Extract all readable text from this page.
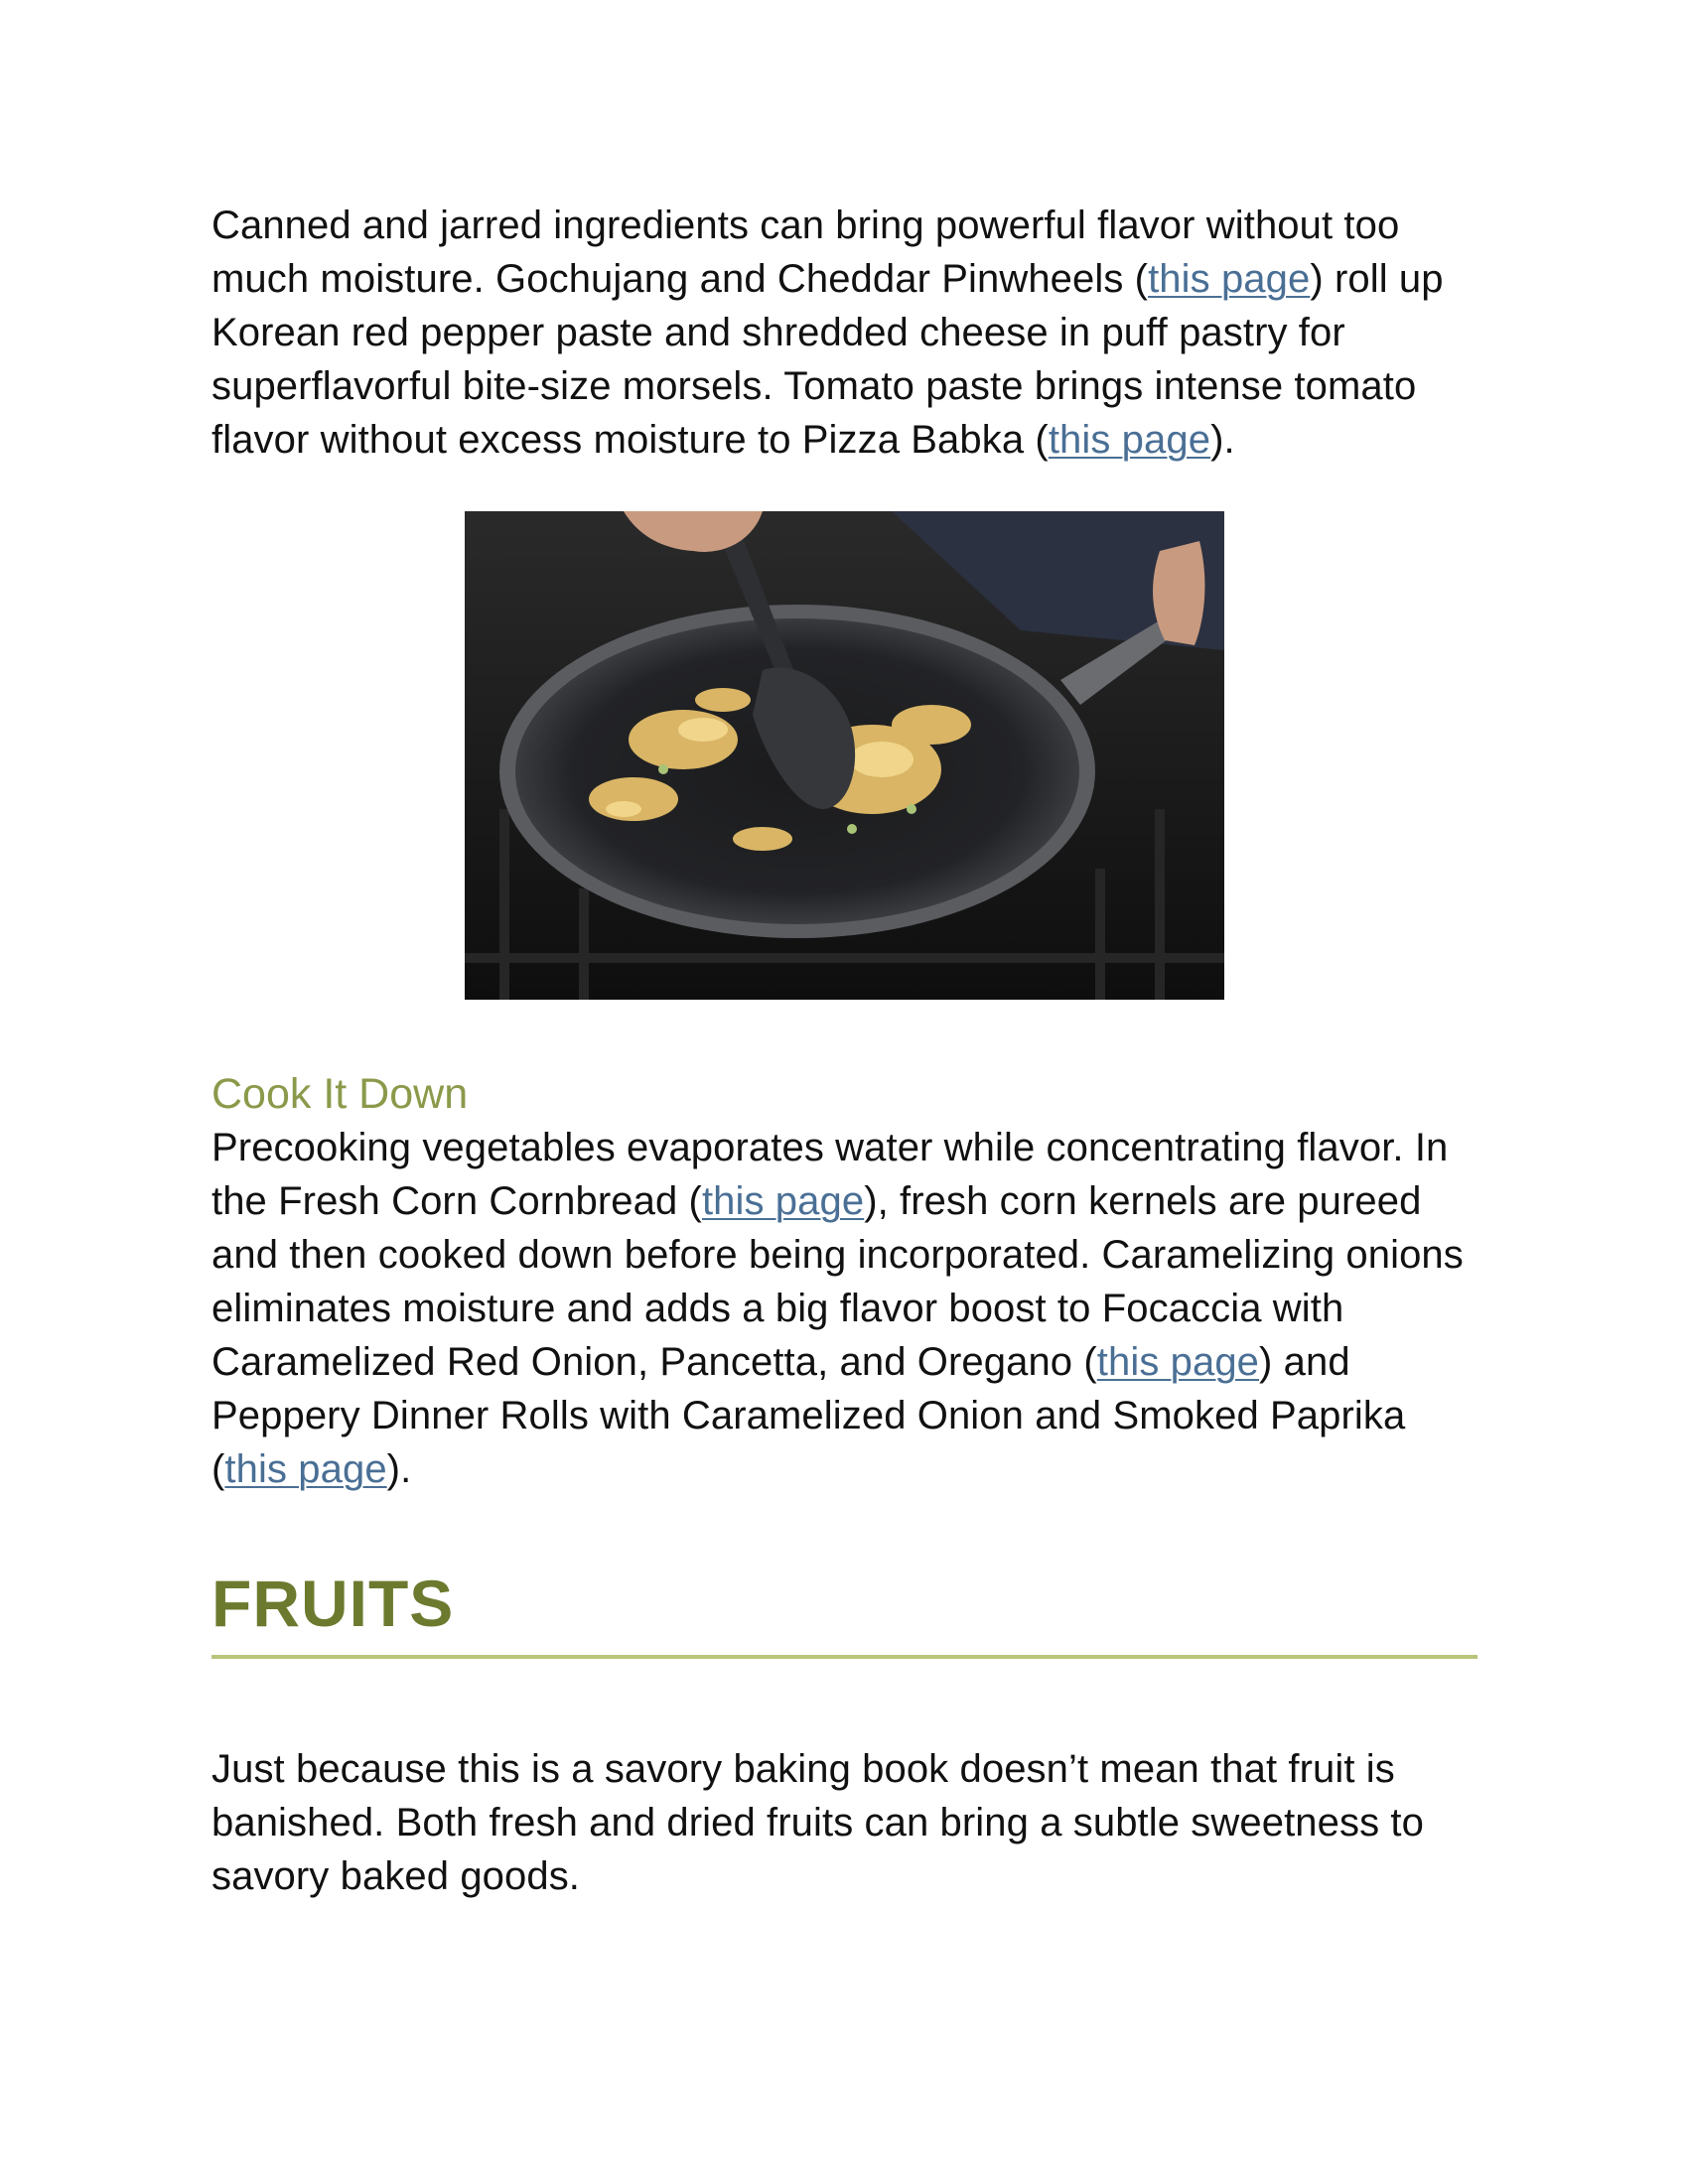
Canned and jarred ingredients can bring powerful flavor without too much moisture. Gochujang and Cheddar Pinwheels (this page) roll up Korean red pepper paste and shredded cheese in puff pastry for superflavorful bite-size morsels. Tomato paste brings intense tomato flavor without excess moisture to Pizza Babka (this page).

Cook It Down

Precooking vegetables evaporates water while concentrating flavor. In the Fresh Corn Cornbread (this page), fresh corn kernels are pureed and then cooked down before being incorporated. Caramelizing onions eliminates moisture and adds a big flavor boost to Focaccia with Caramelized Red Onion, Pancetta, and Oregano (this page) and Peppery Dinner Rolls with Caramelized Onion and Smoked Paprika (this page).

FRUITS

Just because this is a savory baking book doesn’t mean that fruit is banished. Both fresh and dried fruits can bring a subtle sweetness to savory baked goods.
